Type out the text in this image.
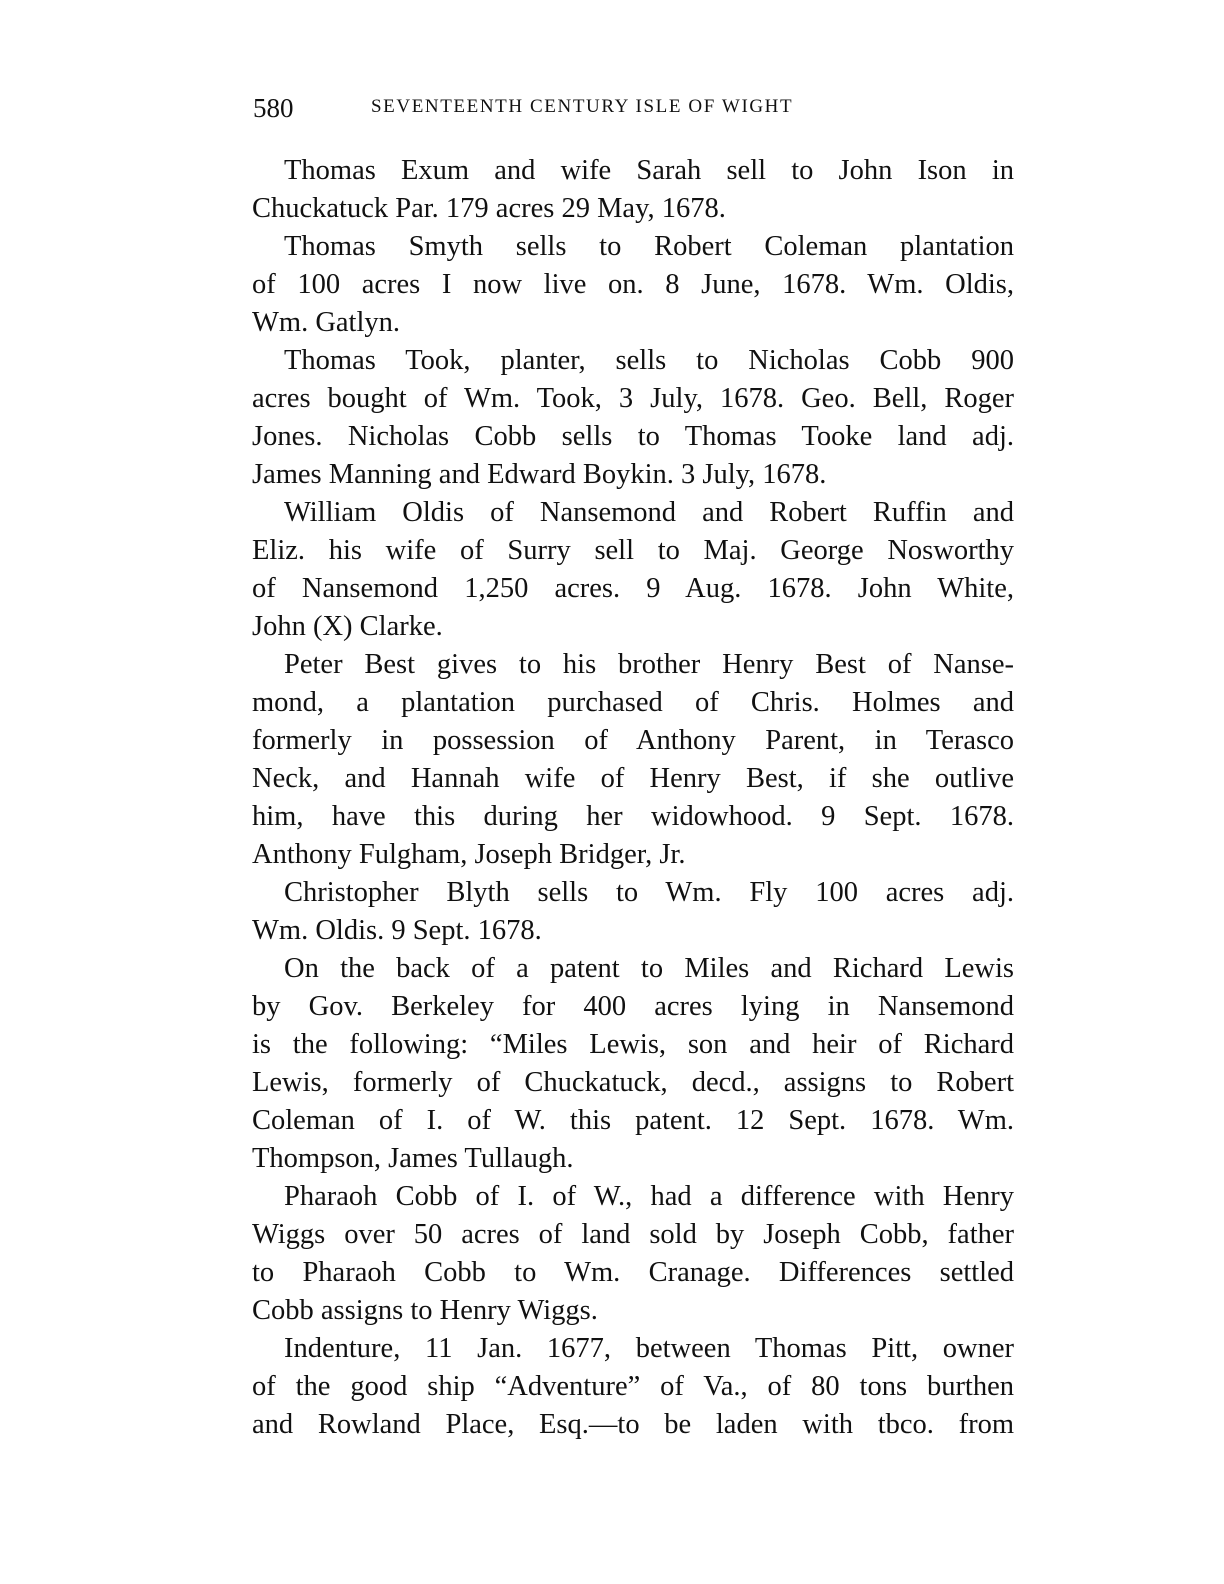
580	SEVENTEENTH CENTURY ISLE OF WIGHT
Thomas Exum and wife Sarah sell to John Ison in
Chuckatuck Par. 179 acres 29 May, 1678.
Thomas Smyth sells to Robert Coleman plantation
of 100 acres I now live on. 8 June, 1678. Wm. Oldis,
Wm. Gatlyn.
Thomas Took, planter, sells to Nicholas Cobb 900
acres bought of Wm. Took, 3 July, 1678. Geo. Bell, Roger
Jones. Nicholas Cobb sells to Thomas Tooke land adj.
James Manning and Edward Boykin. 3 July, 1678.
William Oldis of Nansemond and Robert Ruffin and
Eliz. his wife of Surry sell to Maj. George Nosworthy
of Nansemond 1,250 acres. 9 Aug. 1678. John White,
John (X) Clarke.
Peter Best gives to his brother Henry Best of Nanse-
mond, a plantation purchased of Chris. Holmes and
formerly in possession of Anthony Parent, in Terasco
Neck, and Hannah wife of Henry Best, if she outlive
him, have this during her widowhood. 9 Sept. 1678.
Anthony Fulgham, Joseph Bridger, Jr.
Christopher Blyth sells to Wm. Fly 100 acres adj.
Wm. Oldis. 9 Sept. 1678.
On the back of a patent to Miles and Richard Lewis
by Gov. Berkeley for 400 acres lying in Nansemond
is the following: “Miles Lewis, son and heir of Richard
Lewis, formerly of Chuckatuck, decd., assigns to Robert
Coleman of I. of W. this patent. 12 Sept. 1678. Wm.
Thompson, James Tullaugh.
Pharaoh Cobb of I. of W., had a difference with Henry
Wiggs over 50 acres of land sold by Joseph Cobb, father
to Pharaoh Cobb to Wm. Cranage. Differences settled
Cobb assigns to Henry Wiggs.
Indenture, 11 Jan. 1677, between Thomas Pitt, owner
of the good ship “Adventure” of Va., of 80 tons burthen
and Rowland Place, Esq.—to be laden with tbco. from
